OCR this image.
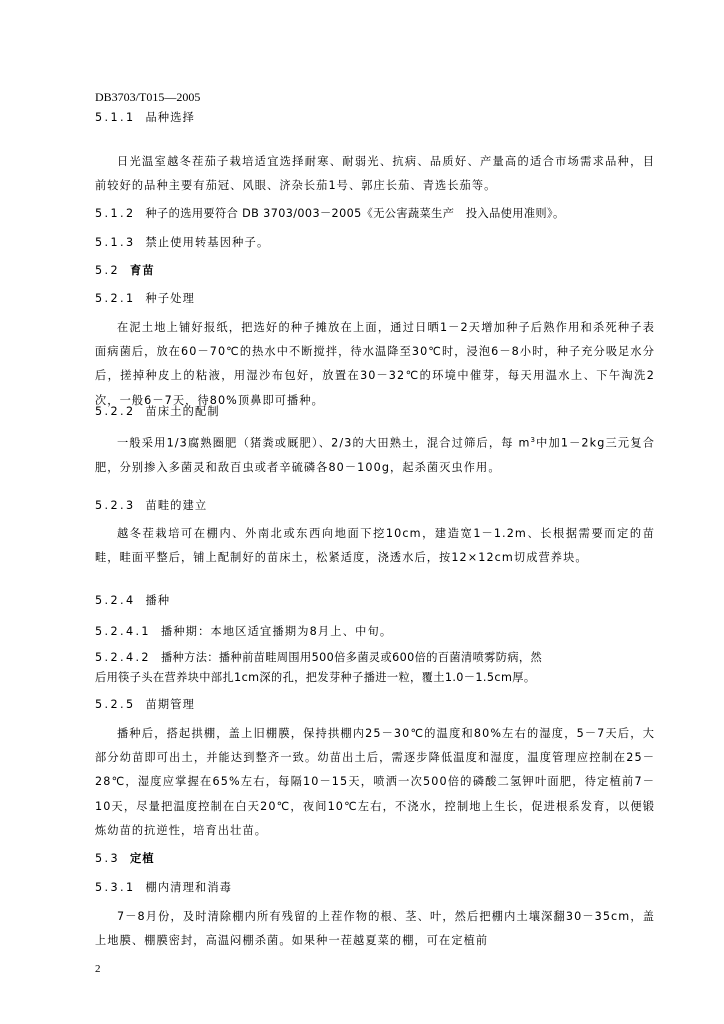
DB3703/T015—2005
5.1.1 品种选择
日光温室越冬茬茄子栽培适宜选择耐寒、耐弱光、抗病、品质好、产量高的适合市场需求品种，目前较好的品种主要有茄冠、风眼、济杂长茄1号、郭庄长茄、青选长茄等。
5.1.2 种子的选用要符合 DB 3703/003－2005《无公害蔬菜生产　投入品使用准则》。
5.1.3 禁止使用转基因种子。
5.2 育苗
5.2.1 种子处理
在泥土地上铺好报纸，把选好的种子摊放在上面，通过日晒1－2天增加种子后熟作用和杀死种子表面病菌后，放在60－70℃的热水中不断搅拌，待水温降至30℃时，浸泡6－8小时，种子充分吸足水分后，搓掉种皮上的粘液，用湿沙布包好，放置在30－32℃的环境中催芽，每天用温水上、下午淘洗2次，一般6－7天，待80%顶鼻即可播种。
5.2.2 苗床土的配制
一般采用1/3腐熟圈肥（猪粪或厩肥）、2/3的大田熟土，混合过筛后，每 $m^3$中加1－2kg三元复合肥，分别掺入多菌灵和敌百虫或者辛硫磷各80－100g，起杀菌灭虫作用。
5.2.3 苗畦的建立
越冬茬栽培可在棚内、外南北或东西向地面下挖10cm，建造宽1－1.2m、长根据需要而定的苗畦，畦面平整后，铺上配制好的苗床土，松紧适度，浇透水后，按12×12cm切成营养块。
5.2.4 播种
5.2.4.1 播种期：本地区适宜播期为8月上、中旬。
5.2.4.2 播种方法：播种前苗畦周围用500倍多菌灵或600倍的百菌清喷雾防病，然
后用筷子头在营养块中部扎1cm深的孔，把发芽种子播进一粒，覆土1.0－1.5cm厚。
5.2.5 苗期管理
播种后，搭起拱棚，盖上旧棚膜，保持拱棚内25－30℃的温度和80%左右的湿度，5－7天后，大部分幼苗即可出土，并能达到整齐一致。幼苗出土后，需逐步降低温度和湿度，温度管理应控制在25－28℃，湿度应掌握在65%左右，每隔10－15天，喷洒一次500倍的磷酸二氢钾叶面肥，待定植前7－10天，尽量把温度控制在白天20℃，夜间10℃左右，不浇水，控制地上生长，促进根系发育，以便锻炼幼苗的抗逆性，培育出壮苗。
5.3 定植
5.3.1 棚内清理和消毒
7－8月份，及时清除棚内所有残留的上茬作物的根、茎、叶，然后把棚内土壤深翻30－35cm，盖上地膜、棚膜密封，高温闷棚杀菌。如果种一茬越夏菜的棚，可在定植前
2
